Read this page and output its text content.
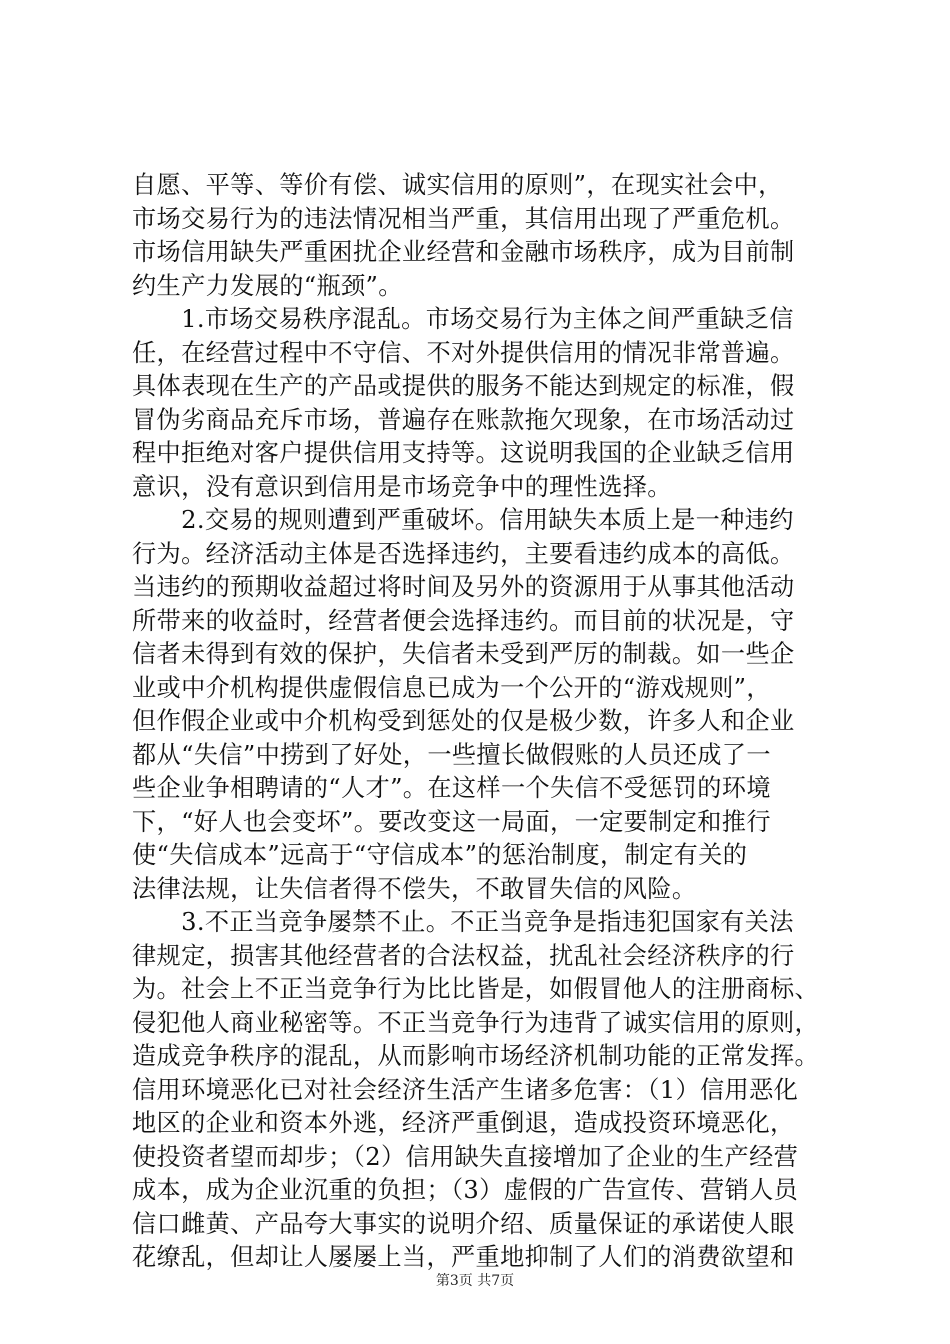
自愿、平等、等价有偿、诚实信用的原则”，在现实社会中，
市场交易行为的违法情况相当严重，其信用出现了严重危机。
市场信用缺失严重困扰企业经营和金融市场秩序，成为目前制
约生产力发展的“瓶颈”。
　　1.市场交易秩序混乱。市场交易行为主体之间严重缺乏信
任，在经营过程中不守信、不对外提供信用的情况非常普遍。
具体表现在生产的产品或提供的服务不能达到规定的标准，假
冒伪劣商品充斥市场，普遍存在账款拖欠现象，在市场活动过
程中拒绝对客户提供信用支持等。这说明我国的企业缺乏信用
意识，没有意识到信用是市场竞争中的理性选择。
　　2.交易的规则遭到严重破坏。信用缺失本质上是一种违约
行为。经济活动主体是否选择违约，主要看违约成本的高低。
当违约的预期收益超过将时间及另外的资源用于从事其他活动
所带来的收益时，经营者便会选择违约。而目前的状况是，守
信者未得到有效的保护，失信者未受到严厉的制裁。如一些企
业或中介机构提供虚假信息已成为一个公开的“游戏规则”，
但作假企业或中介机构受到惩处的仅是极少数，许多人和企业
都从“失信”中捞到了好处，一些擅长做假账的人员还成了一
些企业争相聘请的“人才”。在这样一个失信不受惩罚的环境
下，“好人也会变坏”。要改变这一局面，一定要制定和推行
使“失信成本”远高于“守信成本”的惩治制度，制定有关的
法律法规，让失信者得不偿失，不敢冒失信的风险。
　　3.不正当竞争屡禁不止。不正当竞争是指违犯国家有关法
律规定，损害其他经营者的合法权益，扰乱社会经济秩序的行
为。社会上不正当竞争行为比比皆是，如假冒他人的注册商标、
侵犯他人商业秘密等。不正当竞争行为违背了诚实信用的原则，
造成竞争秩序的混乱，从而影响市场经济机制功能的正常发挥。
信用环境恶化已对社会经济生活产生诸多危害：（1）信用恶化
地区的企业和资本外逃，经济严重倒退，造成投资环境恶化，
使投资者望而却步；（2）信用缺失直接增加了企业的生产经营
成本，成为企业沉重的负担；（3）虚假的广告宣传、营销人员
信口雌黄、产品夸大事实的说明介绍、质量保证的承诺使人眼
花缭乱，但却让人屡屡上当，严重地抑制了人们的消费欲望和
第3页 共7页
